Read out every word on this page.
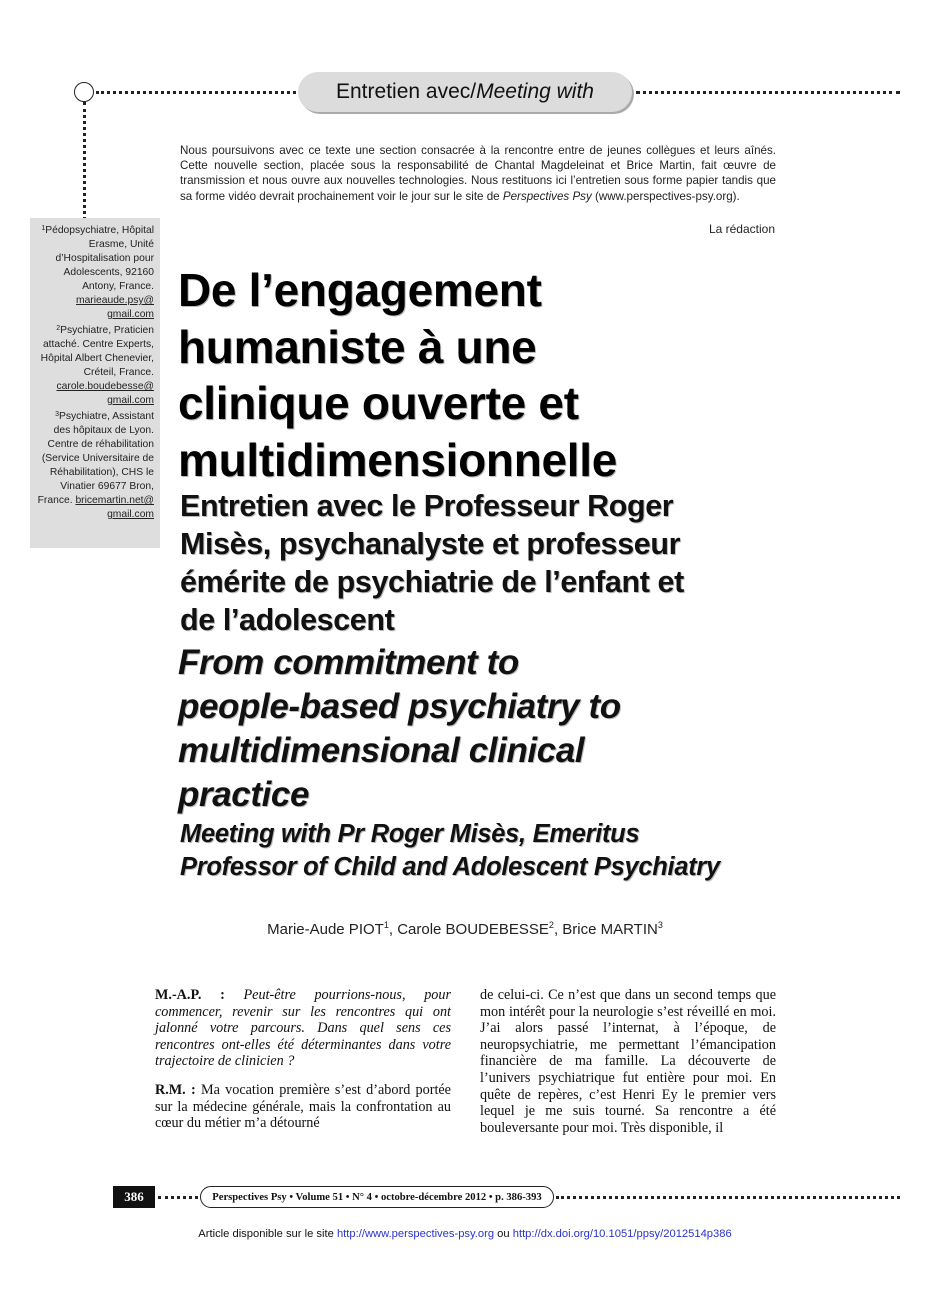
Entretien avec/ Meeting with
Nous poursuivons avec ce texte une section consacrée à la rencontre entre de jeunes collègues et leurs aînés. Cette nouvelle section, placée sous la responsabilité de Chantal Magdeleinat et Brice Martin, fait œuvre de transmission et nous ouvre aux nouvelles technologies. Nous restituons ici l’entretien sous forme papier tandis que sa forme vidéo devrait prochainement voir le jour sur le site de Perspectives Psy (www.perspectives-psy.org).
La rédaction
$^1$Pédopsychiatre, Hôpital Erasme, Unité d’Hospitalisation pour Adolescents, 92160 Antony, France. marieaude.psy@ gmail.com
$^2$Psychiatre, Praticien attaché. Centre Experts, Hôpital Albert Chenevier, Créteil, France. carole.boudebesse@ gmail.com
$^3$Psychiatre, Assistant des hôpitaux de Lyon. Centre de réhabilitation (Service Universitaire de Réhabilitation), CHS le Vinatier 69677 Bron, France. bricemartin.net@ gmail.com
De l’engagement
humaniste à une
clinique ouverte et
multidimensionnelle
Entretien avec le Professeur Roger
Misès, psychanalyste et professeur
émérite de psychiatrie de l’enfant et
de l’adolescent
From commitment to
people-based psychiatry to
multidimensional clinical
practice
Meeting with Pr Roger Misès, Emeritus
Professor of Child and Adolescent Psychiatry
Marie-Aude PIOT$^1$, Carole BOUDEBESSE$^2$, Brice MARTIN$^3$

M.-A.P. : Peut-être pourrions-nous, pour commencer, revenir sur les rencontres qui ont jalonné votre parcours. Dans quel sens ces rencontres ont-elles été déterminantes dans votre trajectoire de clinicien ?

R.M. : Ma vocation première s’est d’abord portée sur la médecine générale, mais la confrontation au cœur du métier m’a détourné

de celui-ci. Ce n’est que dans un second temps que mon intérêt pour la neurologie s’est réveillé en moi. J’ai alors passé l’internat, à l’époque, de neuropsychiatrie, me permettant l’émancipation financière de ma famille. La découverte de l’univers psychiatrique fut entière pour moi. En quête de repères, c’est Henri Ey le premier vers lequel je me suis tourné. Sa rencontre a été bouleversante pour moi. Très disponible, il

386	Perspectives Psy • Volume 51 • N° 4 • octobre-décembre 2012 • p. 386-393
Article disponible sur le site http://www.perspectives-psy.org ou http://dx.doi.org/10.1051/ppsy/2012514p386
